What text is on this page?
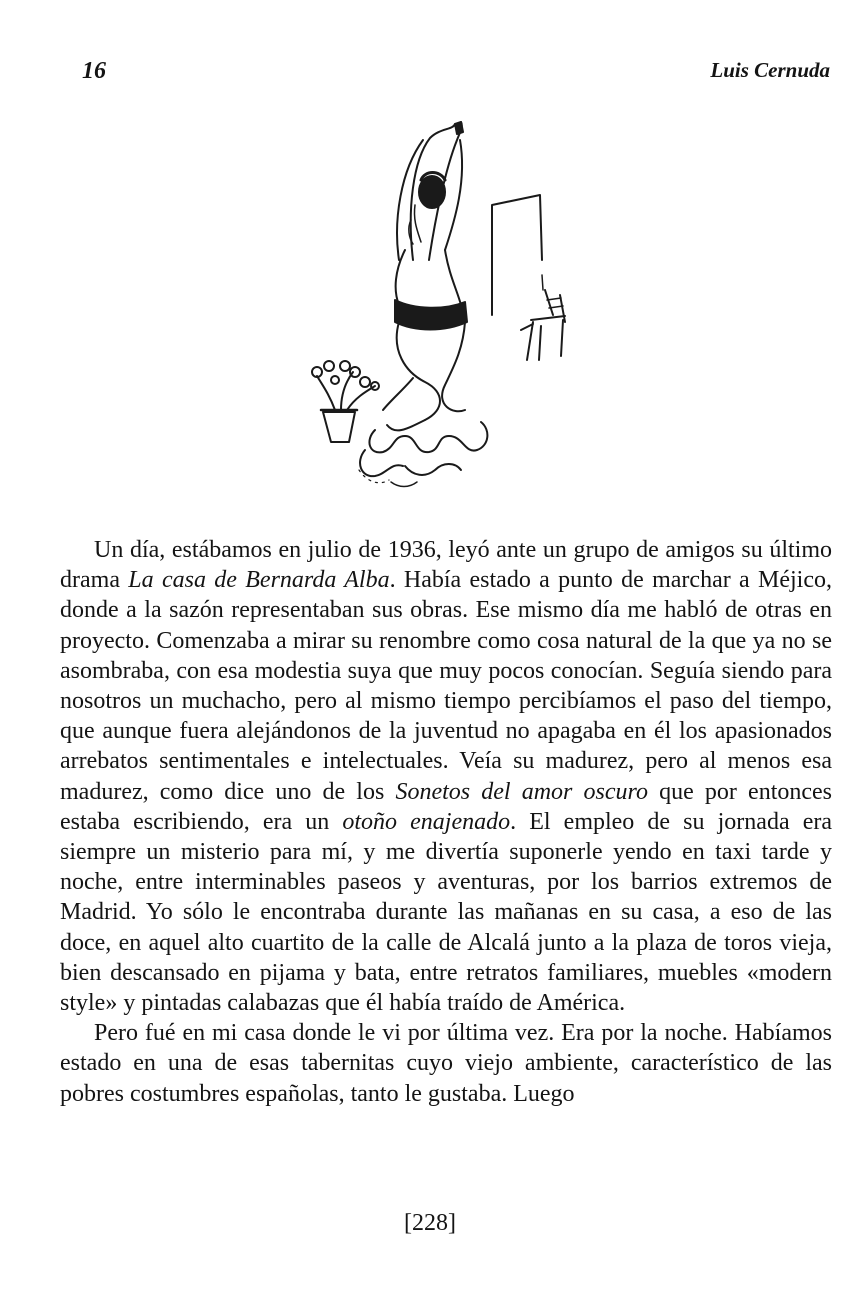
16	Luis Cernuda

Un día, estábamos en julio de 1936, leyó ante un grupo de amigos su último drama La casa de Bernarda Alba. Había estado a punto de marchar a Méjico, donde a la sazón representaban sus obras. Ese mismo día me habló de otras en proyecto. Comenzaba a mirar su renombre como cosa natural de la que ya no se asombraba, con esa modestia suya que muy pocos conocían. Seguía siendo para nosotros un muchacho, pero al mismo tiempo percibíamos el paso del tiempo, que aunque fuera alejándonos de la juventud no apagaba en él los apasionados arrebatos sentimentales e intelectuales. Veía su madurez, pero al menos esa madurez, como dice uno de los Sonetos del amor oscuro que por entonces estaba escribiendo, era un otoño enajenado. El empleo de su jornada era siempre un misterio para mí, y me divertía suponerle yendo en taxi tarde y noche, entre interminables paseos y aventuras, por los barrios extremos de Madrid. Yo sólo le encontraba durante las mañanas en su casa, a eso de las doce, en aquel alto cuartito de la calle de Alcalá junto a la plaza de toros vieja, bien descansado en pijama y bata, entre retratos familiares, muebles «modern style» y pintadas calabazas que él había traído de América.

Pero fué en mi casa donde le vi por última vez. Era por la noche. Habíamos estado en una de esas tabernitas cuyo viejo ambiente, característico de las pobres costumbres españolas, tanto le gustaba. Luego

[228]
